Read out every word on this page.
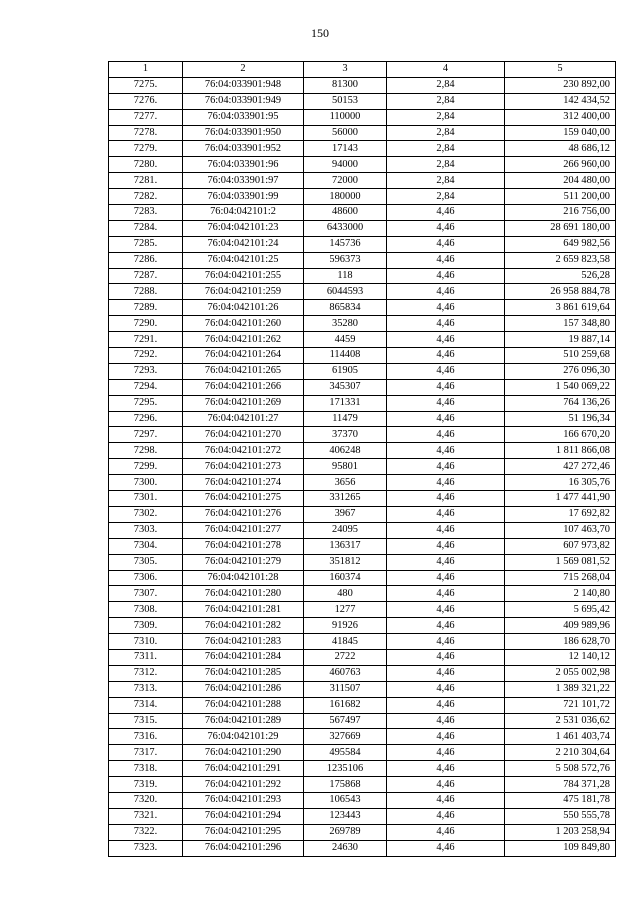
150
1	2	3	4	5
7275.	76:04:033901:948	81300	2,84	230 892,00
7276.	76:04:033901:949	50153	2,84	142 434,52
7277.	76:04:033901:95	110000	2,84	312 400,00
7278.	76:04:033901:950	56000	2,84	159 040,00
7279.	76:04:033901:952	17143	2,84	48 686,12
7280.	76:04:033901:96	94000	2,84	266 960,00
7281.	76:04:033901:97	72000	2,84	204 480,00
7282.	76:04:033901:99	180000	2,84	511 200,00
7283.	76:04:042101:2	48600	4,46	216 756,00
7284.	76:04:042101:23	6433000	4,46	28 691 180,00
7285.	76:04:042101:24	145736	4,46	649 982,56
7286.	76:04:042101:25	596373	4,46	2 659 823,58
7287.	76:04:042101:255	118	4,46	526,28
7288.	76:04:042101:259	6044593	4,46	26 958 884,78
7289.	76:04:042101:26	865834	4,46	3 861 619,64
7290.	76:04:042101:260	35280	4,46	157 348,80
7291.	76:04:042101:262	4459	4,46	19 887,14
7292.	76:04:042101:264	114408	4,46	510 259,68
7293.	76:04:042101:265	61905	4,46	276 096,30
7294.	76:04:042101:266	345307	4,46	1 540 069,22
7295.	76:04:042101:269	171331	4,46	764 136,26
7296.	76:04:042101:27	11479	4,46	51 196,34
7297.	76:04:042101:270	37370	4,46	166 670,20
7298.	76:04:042101:272	406248	4,46	1 811 866,08
7299.	76:04:042101:273	95801	4,46	427 272,46
7300.	76:04:042101:274	3656	4,46	16 305,76
7301.	76:04:042101:275	331265	4,46	1 477 441,90
7302.	76:04:042101:276	3967	4,46	17 692,82
7303.	76:04:042101:277	24095	4,46	107 463,70
7304.	76:04:042101:278	136317	4,46	607 973,82
7305.	76:04:042101:279	351812	4,46	1 569 081,52
7306.	76:04:042101:28	160374	4,46	715 268,04
7307.	76:04:042101:280	480	4,46	2 140,80
7308.	76:04:042101:281	1277	4,46	5 695,42
7309.	76:04:042101:282	91926	4,46	409 989,96
7310.	76:04:042101:283	41845	4,46	186 628,70
7311.	76:04:042101:284	2722	4,46	12 140,12
7312.	76:04:042101:285	460763	4,46	2 055 002,98
7313.	76:04:042101:286	311507	4,46	1 389 321,22
7314.	76:04:042101:288	161682	4,46	721 101,72
7315.	76:04:042101:289	567497	4,46	2 531 036,62
7316.	76:04:042101:29	327669	4,46	1 461 403,74
7317.	76:04:042101:290	495584	4,46	2 210 304,64
7318.	76:04:042101:291	1235106	4,46	5 508 572,76
7319.	76:04:042101:292	175868	4,46	784 371,28
7320.	76:04:042101:293	106543	4,46	475 181,78
7321.	76:04:042101:294	123443	4,46	550 555,78
7322.	76:04:042101:295	269789	4,46	1 203 258,94
7323.	76:04:042101:296	24630	4,46	109 849,80
